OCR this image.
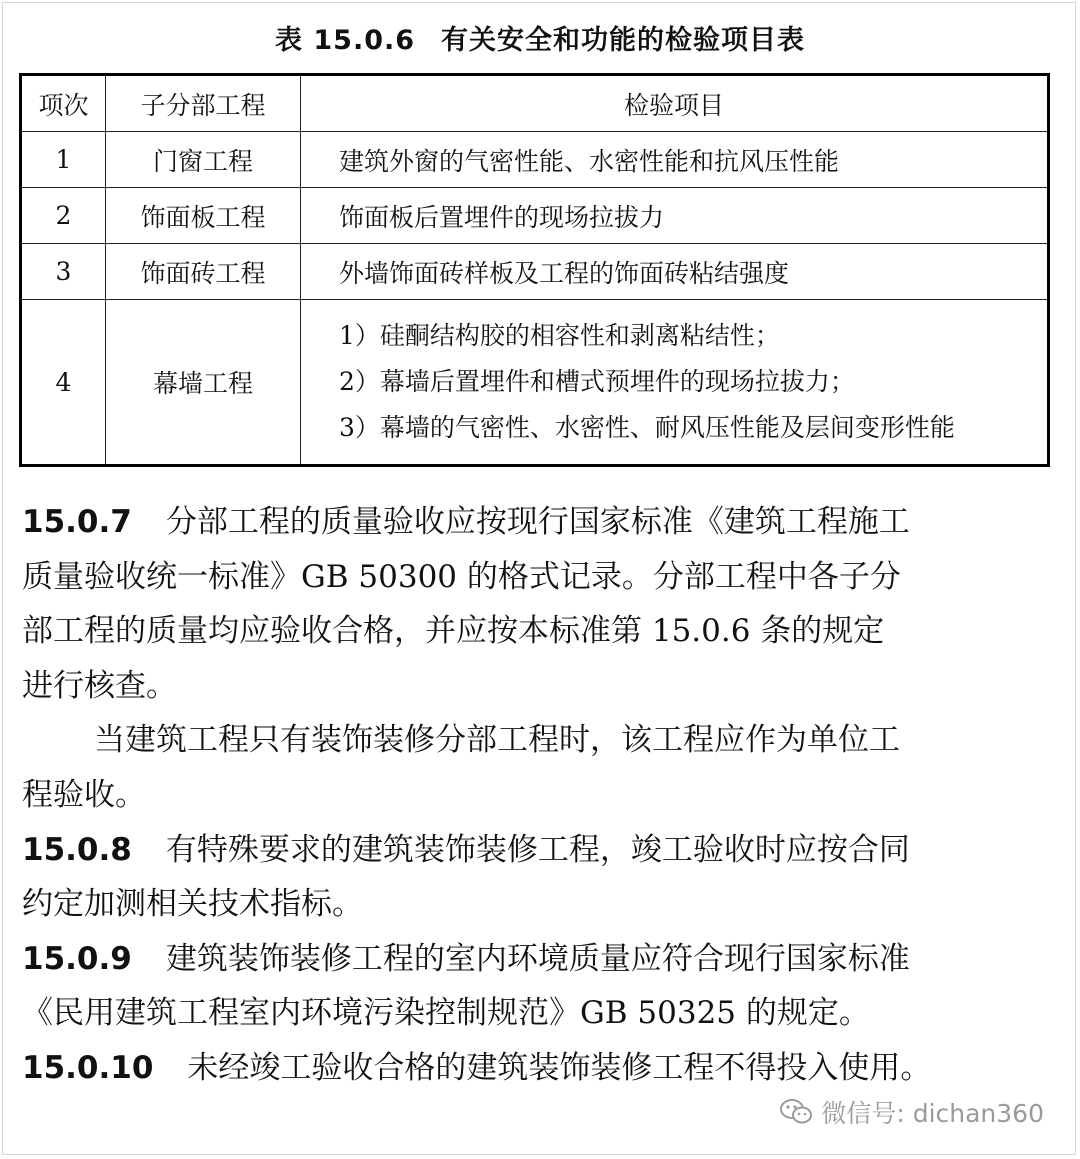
表 15.0.6 有关安全和功能的检验项目表
项次	子分部工程	检验项目
1	门窗工程	建筑外窗的气密性能、水密性能和抗风压性能
2	饰面板工程	饰面板后置埋件的现场拉拔力
3	饰面砖工程	外墙饰面砖样板及工程的饰面砖粘结强度
4	幕墙工程	1）硅酮结构胶的相容性和剥离粘结性；
2）幕墙后置埋件和槽式预埋件的现场拉拔力；
3）幕墙的气密性、水密性、耐风压性能及层间变形性能

15.0.7 分部工程的质量验收应按现行国家标准《建筑工程施工
质量验收统一标准》GB 50300 的格式记录。分部工程中各子分
部工程的质量均应验收合格，并应按本标准第 15.0.6 条的规定
进行核查。

当建筑工程只有装饰装修分部工程时，该工程应作为单位工

程验收。

15.0.8 有特殊要求的建筑装饰装修工程，竣工验收时应按合同
约定加测相关技术指标。

15.0.9 建筑装饰装修工程的室内环境质量应符合现行国家标准
《民用建筑工程室内环境污染控制规范》GB 50325 的规定。

15.0.10 未经竣工验收合格的建筑装饰装修工程不得投入使用。

微信号: dichan360
